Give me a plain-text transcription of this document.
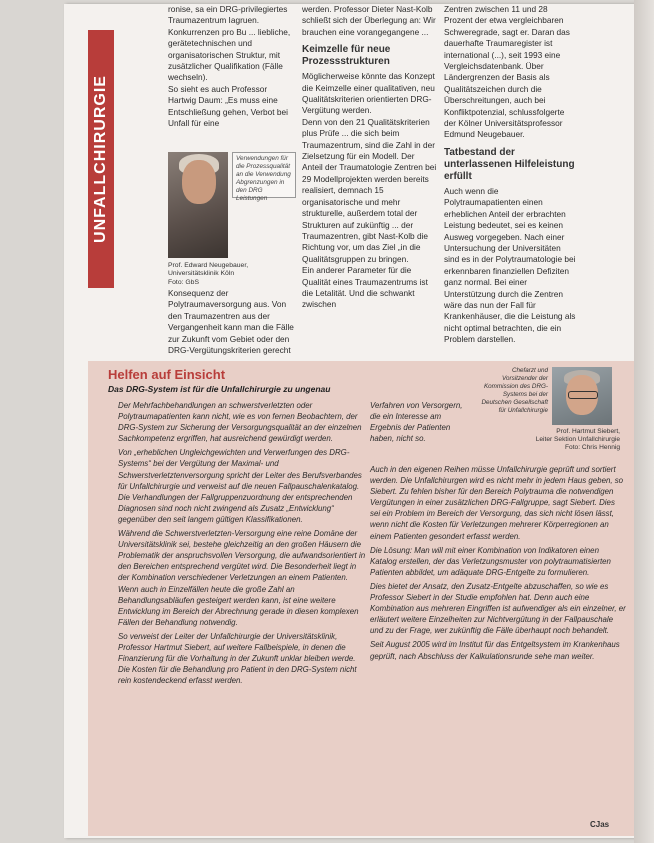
UNFALLCHIRURGIE

ronise, sa ein DRG-privilegiertes Traumazentrum Iagruen. Konkurrenzen pro Bu ... liebliche, gerätetechnischen und organisatorischen Struktur, mit zusätzlicher Qualifikation (Fälle wechseln).

So sieht es auch Professor Hartwig Daum: „Es muss eine Entschließung gehen, Verbot bei Unfall für eine

Verwendungen für die Prozessqualität an die Verwendung Abgrenzungen in den DRG Leistungen
Prof. Edward Neugebauer, Universitätsklinik Köln
Foto: GbS

Konsequenz der Polytraumaversorgung aus. Von den Traumazentren aus der Vergangenheit kann man die Fälle zur Zukunft vom Gebiet oder den DRG-Vergütungskriterien gerecht

werden. Professor Dieter Nast-Kolb schließt sich der Überlegung an: Wir brauchen eine vorangegangene ...

Keimzelle für neue Prozessstrukturen

Möglicherweise könnte das Konzept die Keimzelle einer qualitativen, neu Qualitätskriterien orientierten DRG-Vergütung werden.

Denn von den 21 Qualitätskriterien plus Prüfe ... die sich beim Traumazentrum, sind die Zahl in der Zielsetzung für ein Modell. Der Anteil der Traumatologie Zentren bei 29 Modellprojekten werden bereits realisiert, demnach 15 organisatorische und mehr strukturelle, außerdem total der Strukturen auf zukünftig ... der Traumazentren, gibt Nast-Kolb die Richtung vor, um das Ziel „in die Qualitätsgruppen zu bringen.

Ein anderer Parameter für die Qualität eines Traumazentrums ist die Letalität. Und die schwankt zwischen

Zentren zwischen 11 und 28 Prozent der etwa vergleichbaren Schweregrade, sagt er. Daran das dauerhafte Traumaregister ist international (...), seit 1993 eine Vergleichsdatenbank. Über Ländergrenzen der Basis als Qualitätszeichen durch die Überschreitungen, auch bei Konfliktpotenzial, schlussfolgerte der Kölner Universitätsprofessor Edmund Neugebauer.

Tatbestand der unterlassenen Hilfeleistung erfüllt

Auch wenn die Polytraumapatienten einen erheblichen Anteil der erbrachten Leistung bedeutet, sei es keinen Ausweg vorgegeben. Nach einer Untersuchung der Universitäten sind es in der Polytraumatologie bei erkennbaren finanziellen Defiziten ganz normal. Bei einer Unterstützung durch die Zentren wäre das nun der Fall für Krankenhäuser, die die Leistung als nicht optimal betrachten, die ein Problem darstellen.

Helfen auf Einsicht
Das DRG-System ist für die Unfallchirurgie zu ungenau

Der Mehrfachbehandlungen an schwerstverletzten oder Polytraumapatienten kann nicht, wie es von fernen Beobachtern, der DRG-System zur Sicherung der Versorgungsqualität an der einzelnen Sachkompetenz ergriffen, hat ausreichend gewürdigt werden.

Von „erheblichen Ungleichgewichten und Verwerfungen des DRG-Systems“ bei der Vergütung der Maximal- und Schwerstverletztenversorgung spricht der Leiter des Berufsverbandes für Unfallchirurgie und verweist auf die neuen Fallpauschalenkatalog. Die Verhandlungen der Fallgruppenzuordnung der entsprechenden Diagnosen sind noch nicht zwingend als Zusatz „Entwicklung“ gegenüber den seit langem gültigen Klassifikationen.

Während die Schwerstverletzten-Versorgung eine reine Domäne der Universitätsklinik sei, bestehe gleichzeitig an den großen Häusern die Problematik der anspruchsvollen Versorgung, die aufwandsorientiert in den Bereichen entsprechend vergütet wird. Die Besonderheit liegt in der Kombination verschiedener Verletzungen an einem Patienten. Wenn auch in Einzelfällen heute die große Zahl an Behandlungsabläufen gesteigert werden kann, ist eine weitere Entwicklung im Bereich der Abrechnung gerade in diesen komplexen Fällen der Behandlung notwendig.

So verweist der Leiter der Unfallchirurgie der Universitätsklinik, Professor Hartmut Siebert, auf weitere Fallbeispiele, in denen die Finanzierung für die Vorhaltung in der Zukunft unklar bleiben werde. Die Kosten für die Behandlung pro Patient in den DRG-System nicht rein kostendeckend erfasst werden.

Verfahren von Versorgern, die ein Interesse am Ergebnis der Patienten haben, nicht so.

Auch in den eigenen Reihen müsse Unfallchirurgie geprüft und sortiert werden. Die Unfallchirurgen wird es nicht mehr in jedem Haus geben, so Siebert. Zu fehlen bisher für den Bereich Polytrauma die notwendigen Vergütungen in einer zusätzlichen DRG-Fallgruppe, sagt Siebert. Dies sei ein Problem im Bereich der Versorgung, das sich nicht lösen lässt, wenn nicht die Kosten für Verletzungen mehrerer Körperregionen an einem Patienten gesondert erfasst werden.

Die Lösung: Man will mit einer Kombination von Indikatoren einen Katalog erstellen, der das Verletzungsmuster von polytraumatisierten Patienten abbildet, um adäquate DRG-Entgelte zu formulieren.

Dies bietet der Ansatz, den Zusatz-Entgelte abzuschaffen, so wie es Professor Siebert in der Studie empfohlen hat. Denn auch eine Kombination aus mehreren Eingriffen ist aufwendiger als ein einzelner, er erläutert weitere Einzelheiten zur Nichtvergütung in der Fallpauschale und zu der Frage, wer zukünftig die Fälle überhaupt noch behandelt.

Seit August 2005 wird im Institut für das Entgeltsystem im Krankenhaus geprüft, nach Abschluss der Kalkulationsrunde sehe man weiter.

Chefarzt und Vorsitzender der Kommission des DRG-Systems bei der Deutschen Gesellschaft für Unfallchirurgie
Prof. Hartmut Siebert,
Leiter Sektion Unfallchirurgie
Foto: Chris Hennig
CJas
